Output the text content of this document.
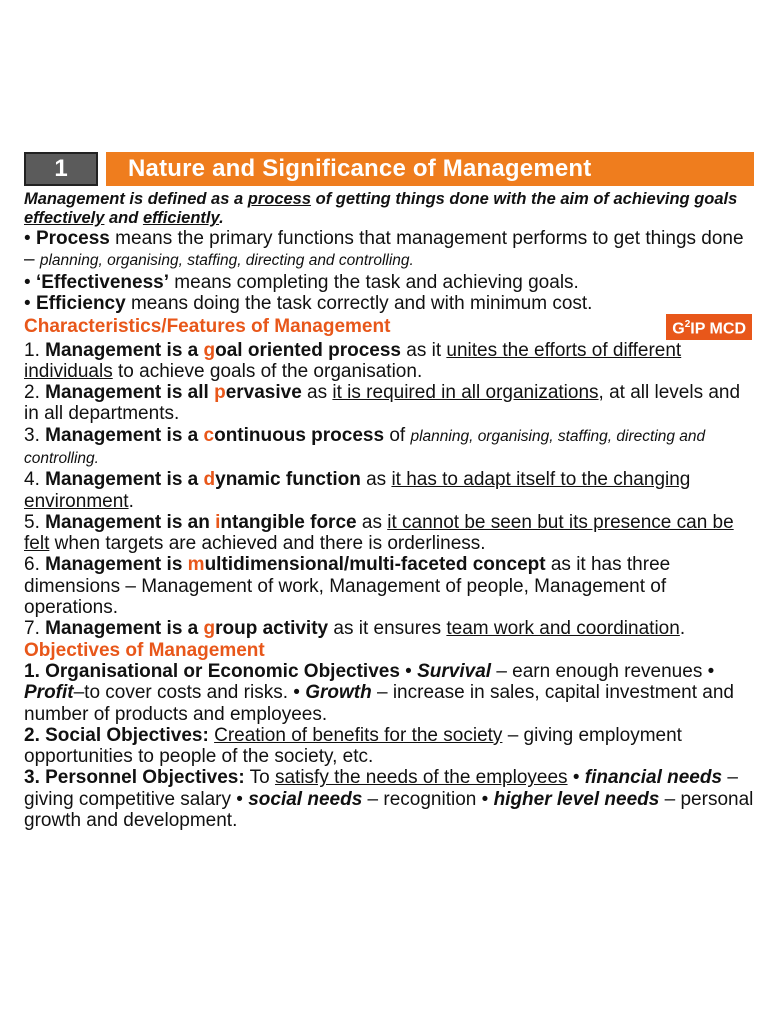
1	Nature and Significance of Management

Management is defined as a process of getting things done with the aim of achieving goals effectively and efficiently.

• Process means the primary functions that management performs to get things done – planning, organising, staffing, directing and controlling.

• ‘Effectiveness’ means completing the task and achieving goals.

• Efficiency means doing the task correctly and with minimum cost.

Characteristics/Features of Management	$G^2IP$ MCD

1. Management is a goal oriented process as it unites the efforts of different individuals to achieve goals of the organisation.

2. Management is all pervasive as it is required in all organizations, at all levels and in all departments.

3. Management is a continuous process of planning, organising, staffing, directing and controlling.

4. Management is a dynamic function as it has to adapt itself to the changing environment.

5. Management is an intangible force as it cannot be seen but its presence can be felt when targets are achieved and there is orderliness.

6. Management is multidimensional/multi-faceted concept as it has three dimensions – Management of work, Management of people, Management of operations.

7. Management is a group activity as it ensures team work and coordination.

Objectives of Management

1. Organisational or Economic Objectives • Survival – earn enough revenues • Profit–to cover costs and risks. • Growth – increase in sales, capital investment and number of products and employees.

2. Social Objectives: Creation of benefits for the society – giving employment opportunities to people of the society, etc.

3. Personnel Objectives: To satisfy the needs of the employees • financial needs – giving competitive salary • social needs – recognition • higher level needs – personal growth and development.
